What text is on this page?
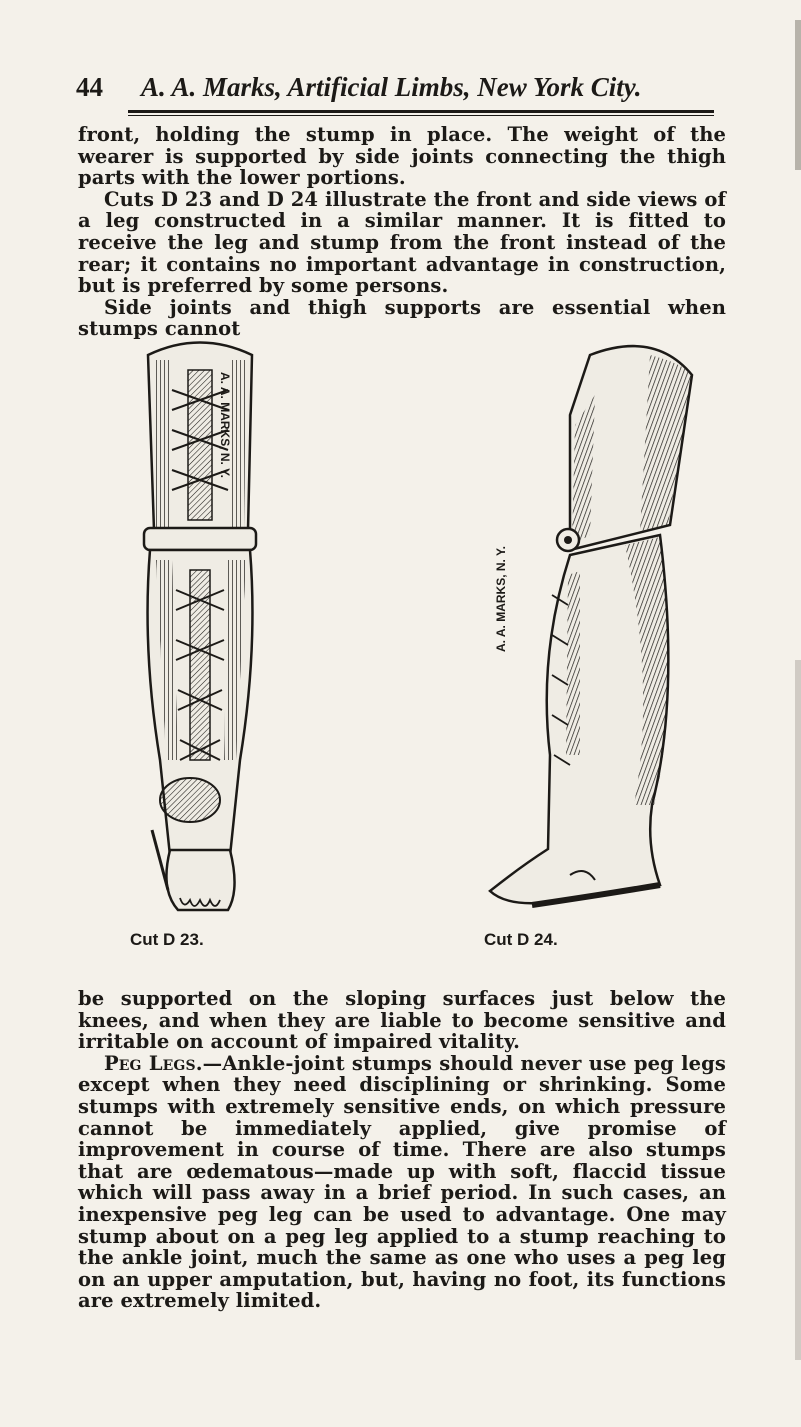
44 A. A. Marks, Artificial Limbs, New York City.

front, holding the stump in place. The weight of the wearer is supported by side joints connecting the thigh parts with the lower portions.

Cuts D 23 and D 24 illustrate the front and side views of a leg constructed in a similar manner. It is fitted to receive the leg and stump from the front instead of the rear; it contains no important advantage in construction, but is preferred by some persons.

Side joints and thigh supports are essential when stumps cannot

A. A. MARKS, N. Y.
Cut D 23.
A. A. MARKS, N. Y.
Cut D 24.

be supported on the sloping surfaces just below the knees, and when they are liable to become sensitive and irritable on account of impaired vitality.

Peg Legs.—Ankle-joint stumps should never use peg legs except when they need disciplining or shrinking. Some stumps with extremely sensitive ends, on which pressure cannot be immediately applied, give promise of improvement in course of time. There are also stumps that are œdematous—made up with soft, flaccid tissue which will pass away in a brief period. In such cases, an inexpensive peg leg can be used to advantage. One may stump about on a peg leg applied to a stump reaching to the ankle joint, much the same as one who uses a peg leg on an upper amputation, but, having no foot, its functions are extremely limited.
